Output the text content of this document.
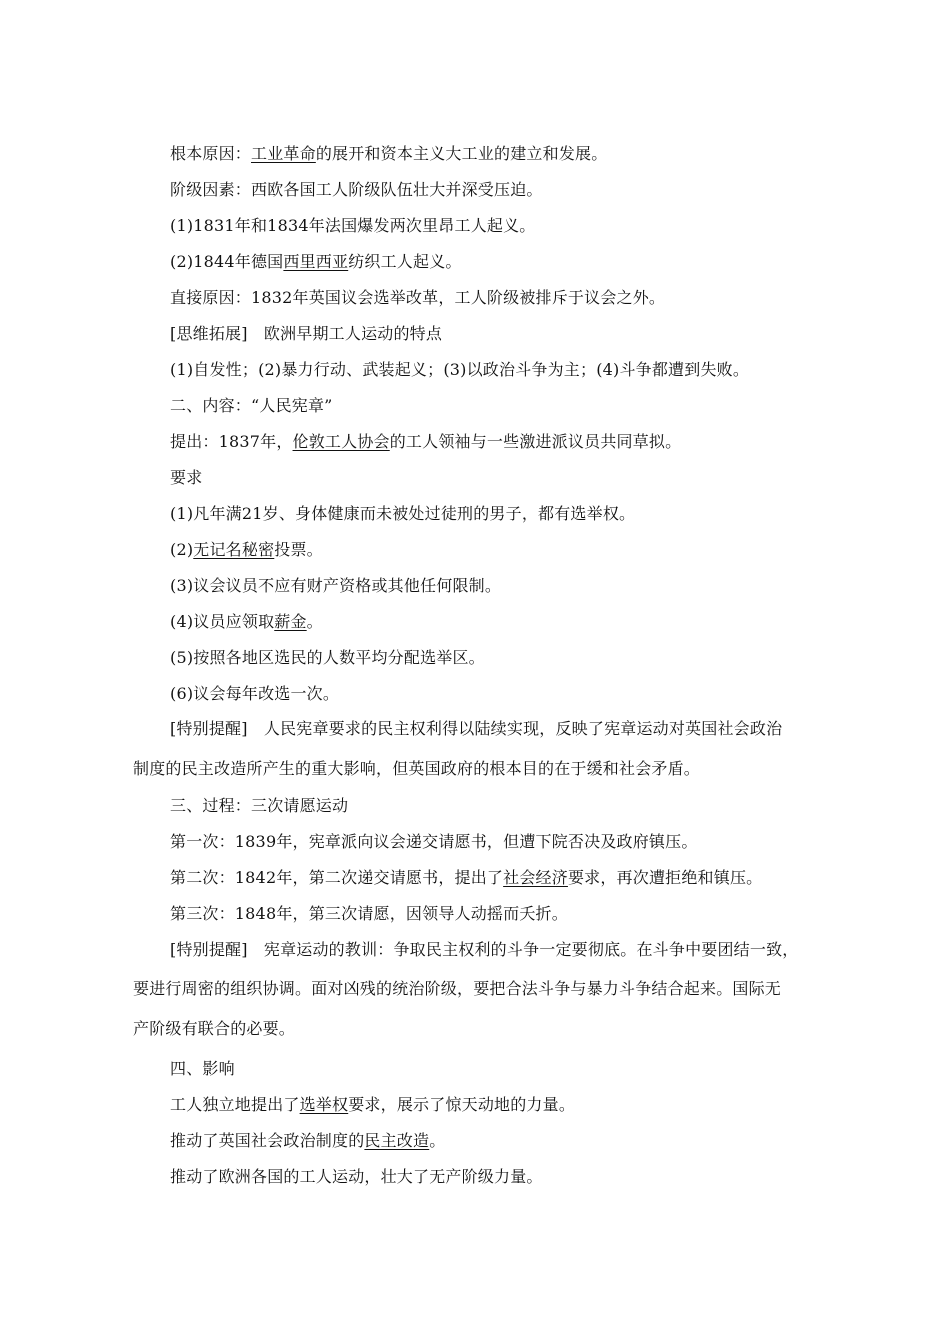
根本原因：工业革命的展开和资本主义大工业的建立和发展。

阶级因素：西欧各国工人阶级队伍壮大并深受压迫。

(1)1831年和1834年法国爆发两次里昂工人起义。

(2)1844年德国西里西亚纺织工人起义。

直接原因：1832年英国议会选举改革，工人阶级被排斥于议会之外。

[思维拓展]　欧洲早期工人运动的特点

(1)自发性；(2)暴力行动、武装起义；(3)以政治斗争为主；(4)斗争都遭到失败。

二、内容：“人民宪章”

提出：1837年，伦敦工人协会的工人领袖与一些激进派议员共同草拟。

要求

(1)凡年满21岁、身体健康而未被处过徒刑的男子，都有选举权。

(2)无记名秘密投票。

(3)议会议员不应有财产资格或其他任何限制。

(4)议员应领取薪金。

(5)按照各地区选民的人数平均分配选举区。

(6)议会每年改选一次。

[特别提醒]　人民宪章要求的民主权利得以陆续实现，反映了宪章运动对英国社会政治

制度的民主改造所产生的重大影响，但英国政府的根本目的在于缓和社会矛盾。

三、过程：三次请愿运动

第一次：1839年，宪章派向议会递交请愿书，但遭下院否决及政府镇压。

第二次：1842年，第二次递交请愿书，提出了社会经济要求，再次遭拒绝和镇压。

第三次：1848年，第三次请愿，因领导人动摇而夭折。

[特别提醒]　宪章运动的教训：争取民主权利的斗争一定要彻底。在斗争中要团结一致，

要进行周密的组织协调。面对凶残的统治阶级，要把合法斗争与暴力斗争结合起来。国际无

产阶级有联合的必要。

四、影响

工人独立地提出了选举权要求，展示了惊天动地的力量。

推动了英国社会政治制度的民主改造。

推动了欧洲各国的工人运动，壮大了无产阶级力量。
